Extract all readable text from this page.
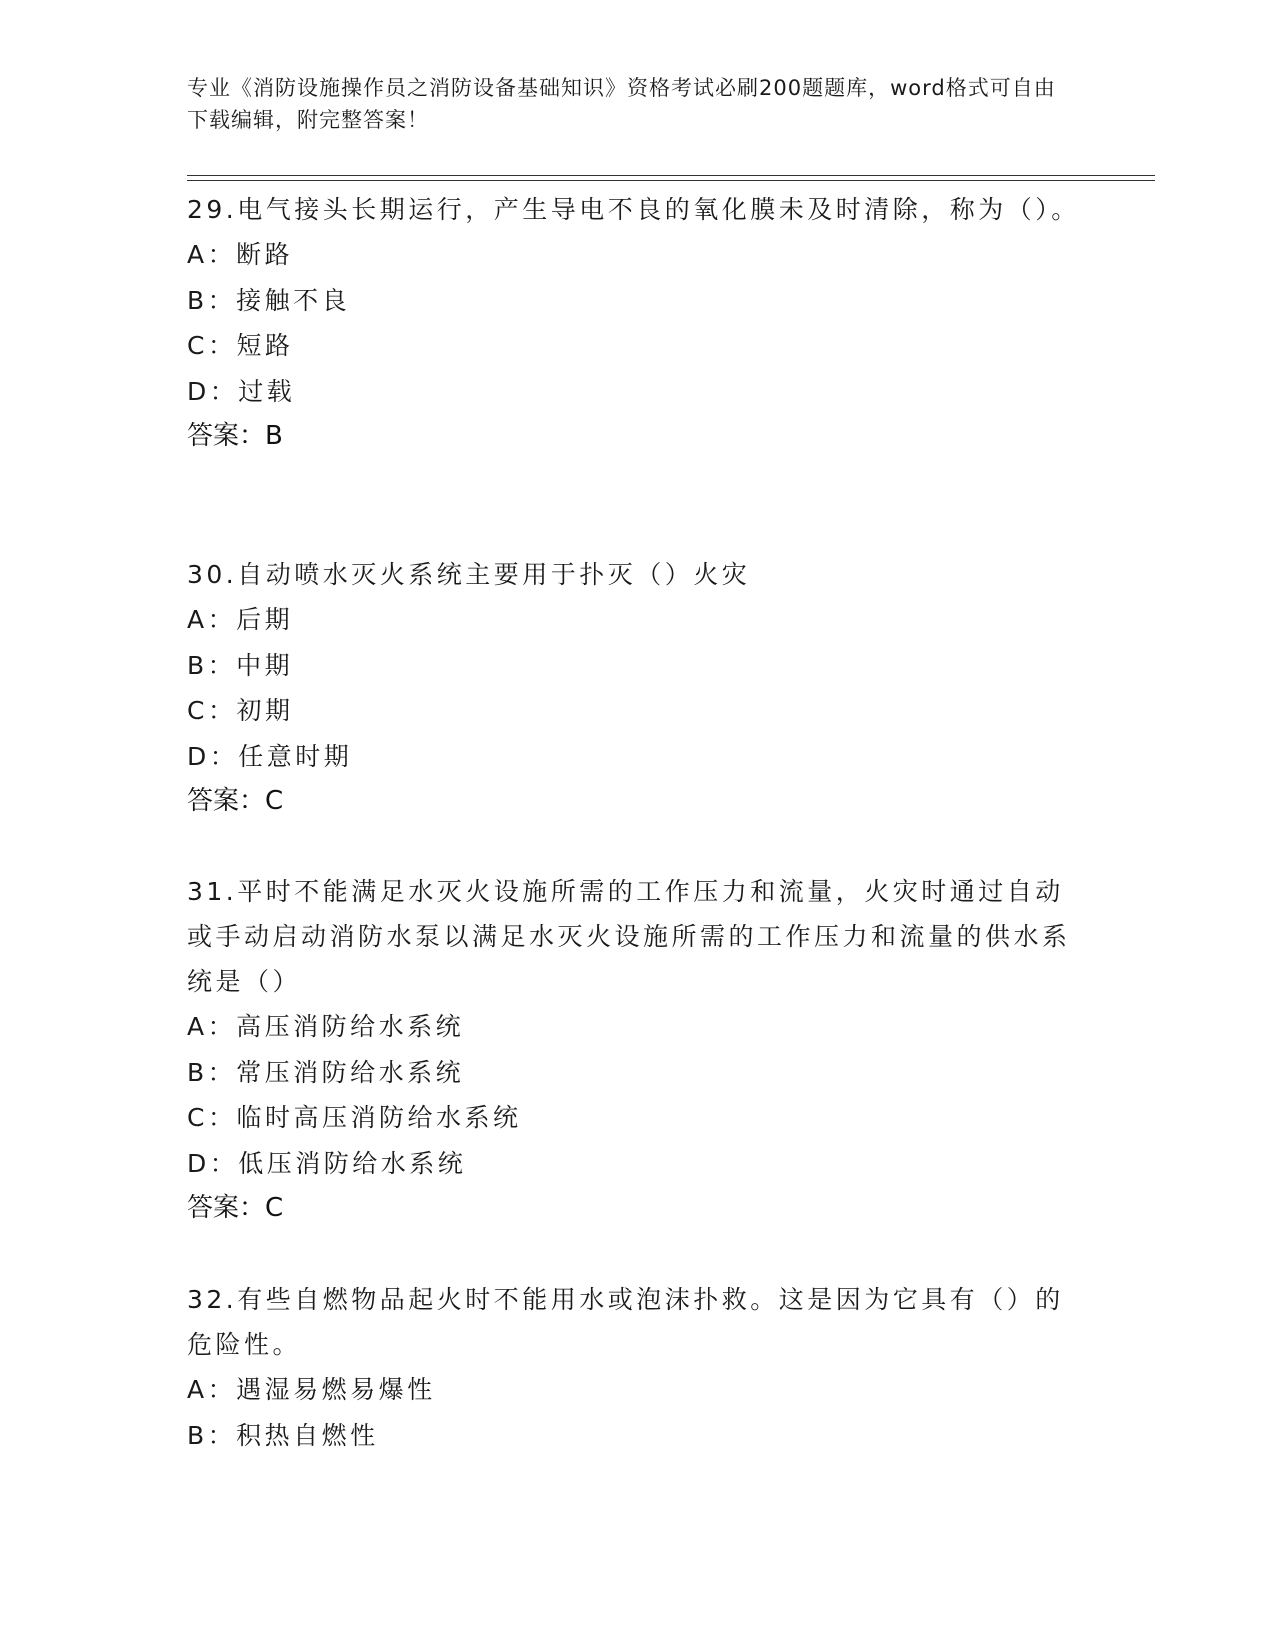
专业《消防设施操作员之消防设备基础知识》资格考试必刷200题题库，word格式可自由下载编辑，附完整答案！
29.电气接头长期运行，产生导电不良的氧化膜未及时清除，称为（）。
A：断路
B：接触不良
C：短路
D：过载
答案：B
30.自动喷水灭火系统主要用于扑灭（）火灾
A：后期
B：中期
C：初期
D：任意时期
答案：C
31.平时不能满足水灭火设施所需的工作压力和流量，火灾时通过自动或手动启动消防水泵以满足水灭火设施所需的工作压力和流量的供水系统是（）
A：高压消防给水系统
B：常压消防给水系统
C：临时高压消防给水系统
D：低压消防给水系统
答案：C
32.有些自燃物品起火时不能用水或泡沫扑救。这是因为它具有（）的危险性。
A：遇湿易燃易爆性
B：积热自燃性
